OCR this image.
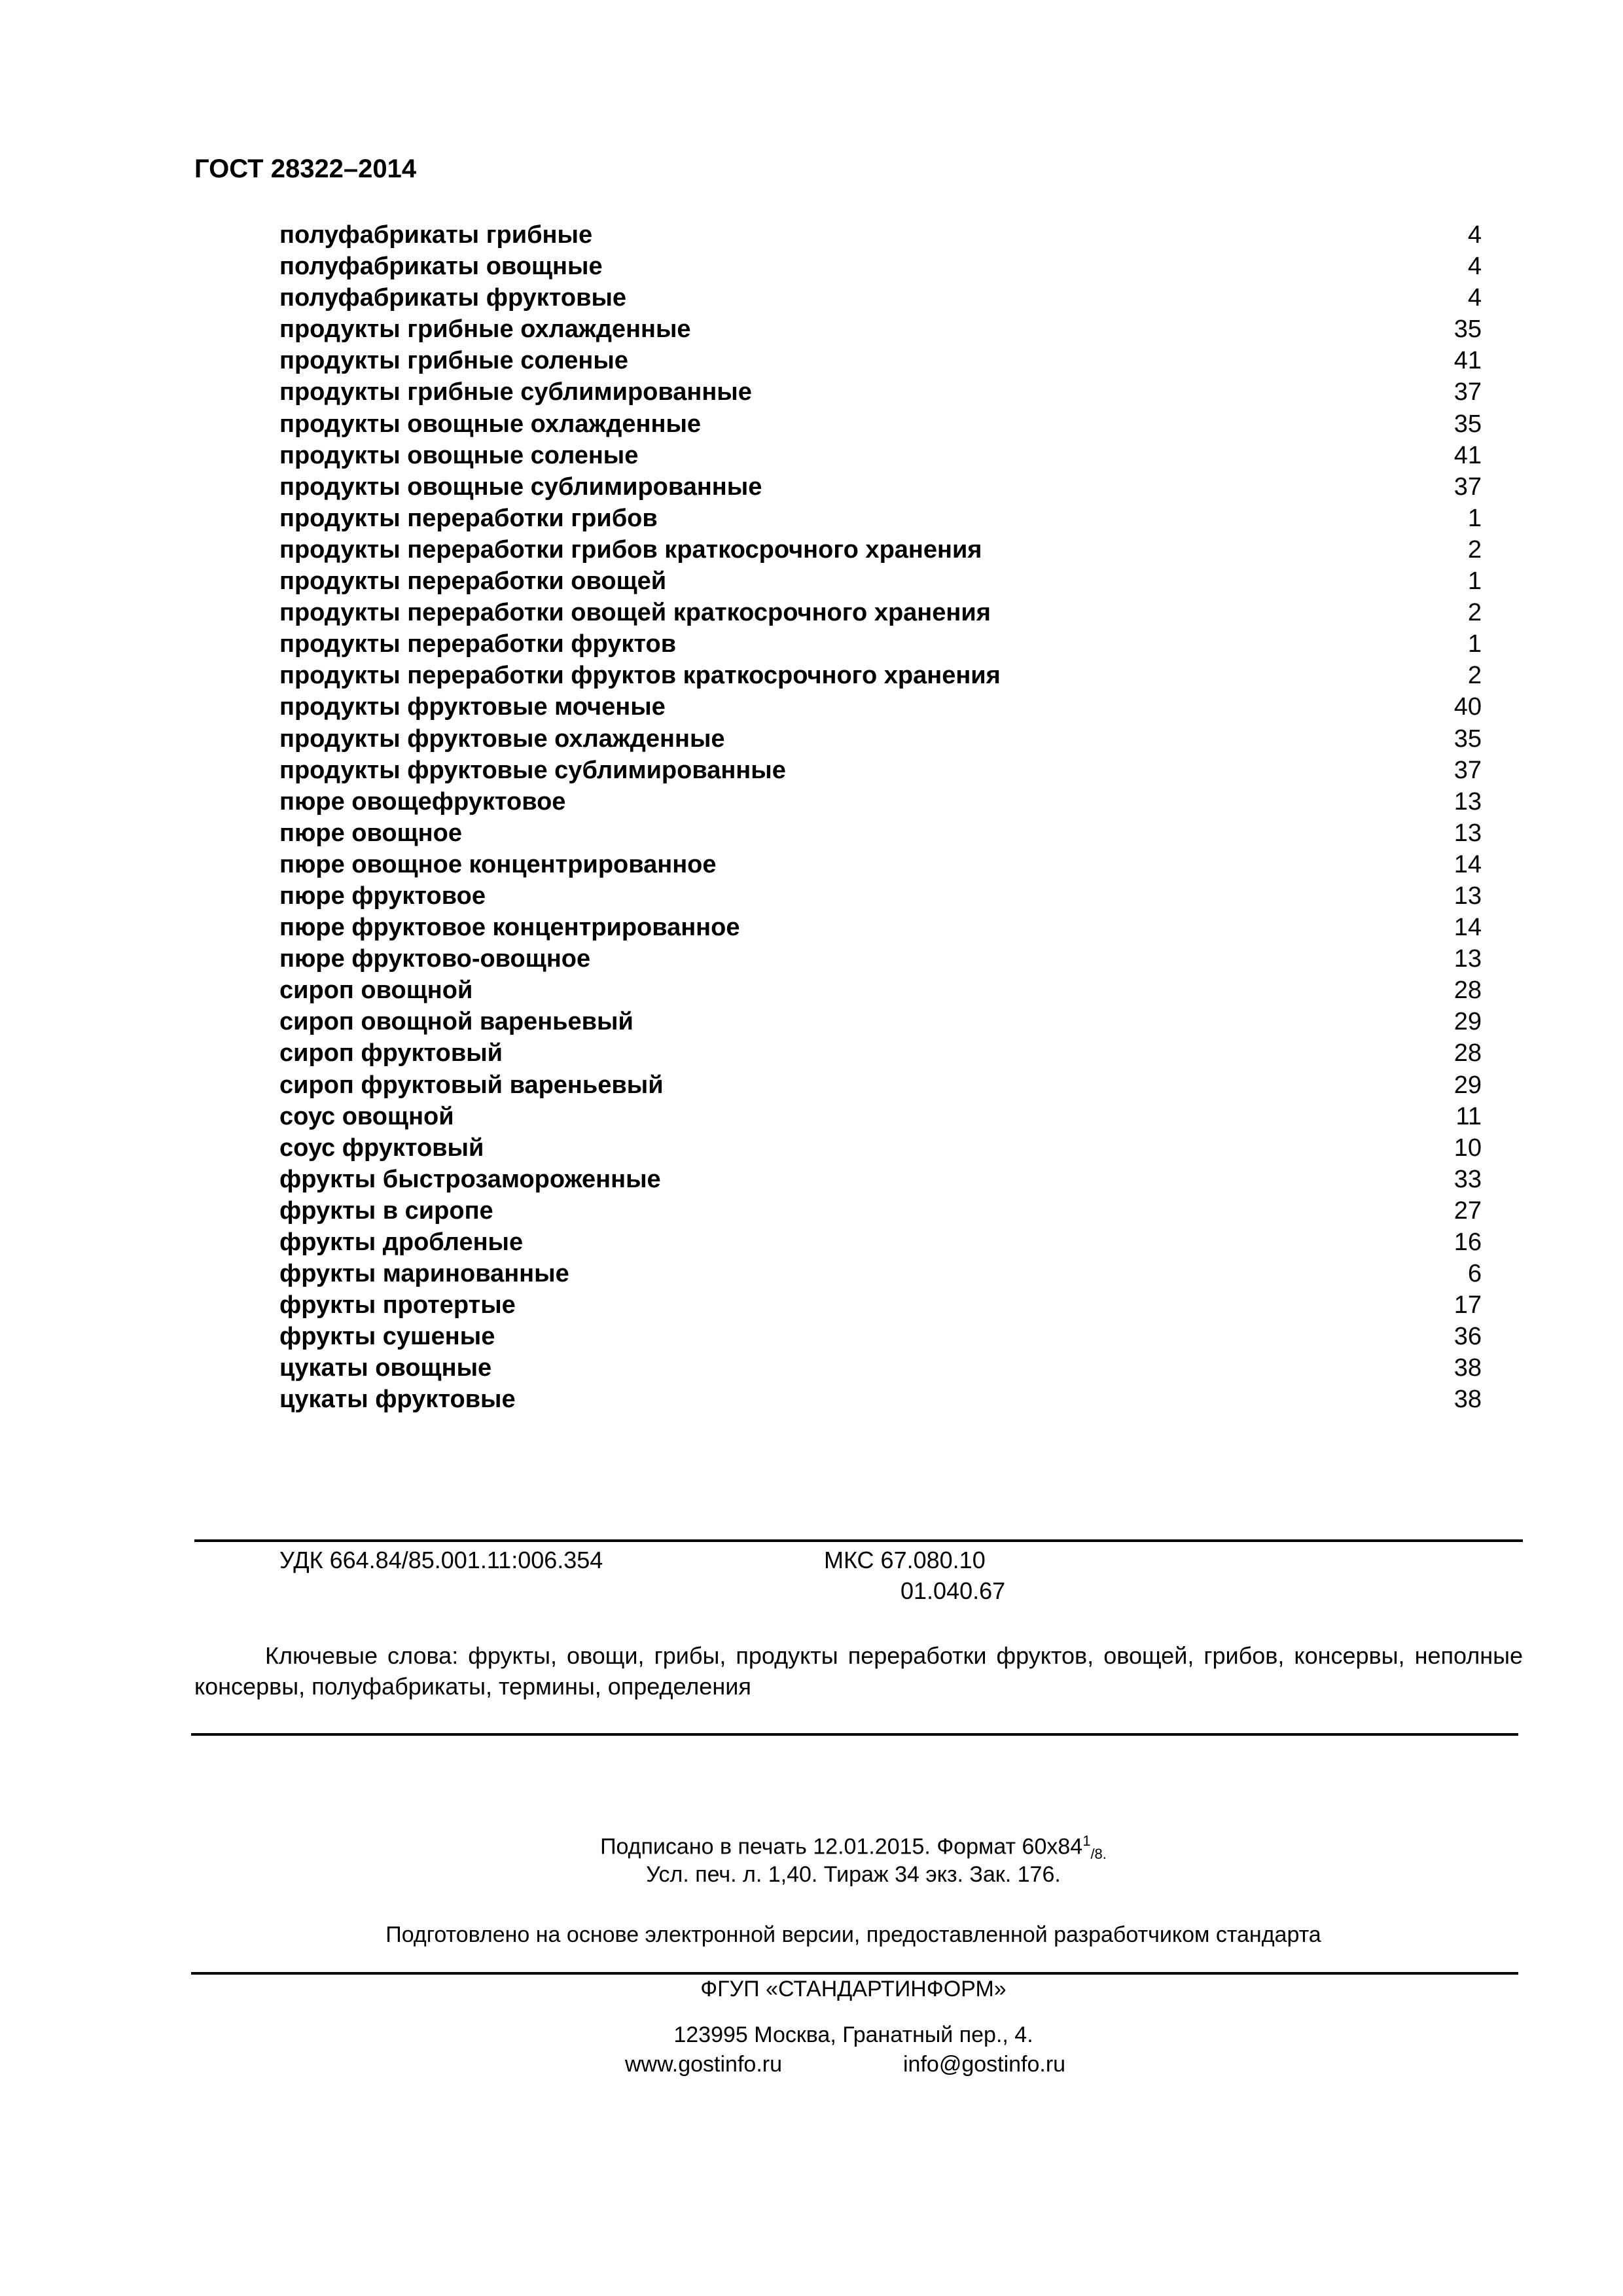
ГОСТ 28322–2014
полуфабрикаты грибные	4
полуфабрикаты овощные	4
полуфабрикаты фруктовые	4
продукты грибные охлажденные	35
продукты грибные соленые	41
продукты грибные сублимированные	37
продукты овощные охлажденные	35
продукты овощные соленые	41
продукты овощные сублимированные	37
продукты переработки грибов	1
продукты переработки грибов краткосрочного хранения	2
продукты переработки овощей	1
продукты переработки овощей краткосрочного хранения	2
продукты переработки фруктов	1
продукты переработки фруктов краткосрочного хранения	2
продукты фруктовые моченые	40
продукты фруктовые охлажденные	35
продукты фруктовые сублимированные	37
пюре овощефруктовое	13
пюре овощное	13
пюре овощное концентрированное	14
пюре фруктовое	13
пюре фруктовое концентрированное	14
пюре фруктово-овощное	13
сироп овощной	28
сироп овощной вареньевый	29
сироп фруктовый	28
сироп фруктовый вареньевый	29
соус овощной	11
соус фруктовый	10
фрукты быстрозамороженные	33
фрукты в сиропе	27
фрукты дробленые	16
фрукты маринованные	6
фрукты протертые	17
фрукты сушеные	36
цукаты овощные	38
цукаты фруктовые	38
УДК 664.84/85.001.11:006.354	МКС 67.080.10
01.040.67
Ключевые слова: фрукты, овощи, грибы, продукты переработки фруктов, овощей, грибов, консервы, неполные консервы, полуфабрикаты, термины, определения
Подписано в печать 12.01.2015. Формат $60х84^1_{/8.}$
Усл. печ. л. 1,40. Тираж 34 экз. Зак. 176.
Подготовлено на основе электронной версии, предоставленной разработчиком стандарта
ФГУП «СТАНДАРТИНФОРМ»
123995 Москва, Гранатный пер., 4.
www.gostinfo.ru	info@gostinfo.ru
